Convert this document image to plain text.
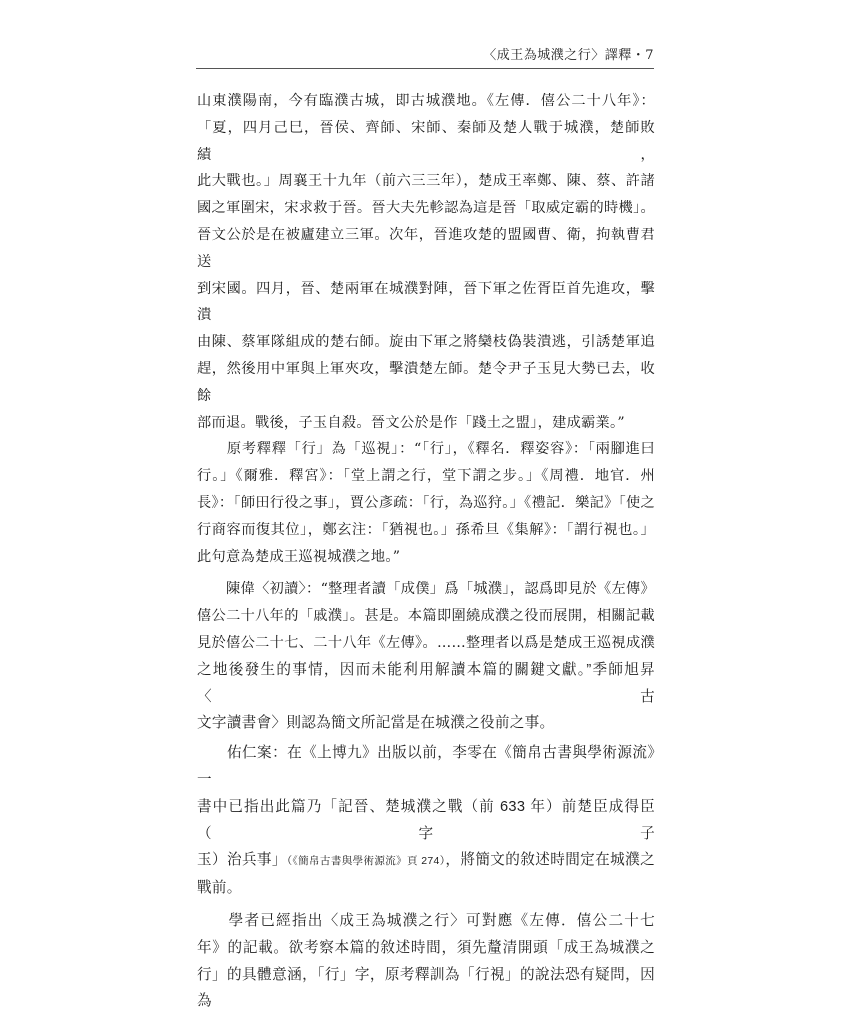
〈成王為城濮之行〉譯釋・7
山東濮陽南，今有臨濮古城，即古城濮地。《左傳．僖公二十八年》：
「夏，四月己巳，晉侯、齊師、宋師、秦師及楚人戰于城濮，楚師敗績，
此大戰也。」周襄王十九年（前六三三年），楚成王率鄭、陳、蔡、許諸
國之軍圍宋，宋求救于晉。晉大夫先軫認為這是晉「取威定霸的時機」。
晉文公於是在被廬建立三軍。次年，晉進攻楚的盟國曹、衛，拘執曹君送
到宋國。四月，晉、楚兩軍在城濮對陣，晉下軍之佐胥臣首先進攻，擊潰
由陳、蔡軍隊組成的楚右師。旋由下軍之將欒枝偽裝潰逃，引誘楚軍追
趕，然後用中軍與上軍夾攻，擊潰楚左師。楚令尹子玉見大勢已去，收餘
部而退。戰後，子玉自殺。晉文公於是作「踐土之盟」，建成霸業。”
　　原考釋釋「行」為「巡視」：“「行」，《釋名．釋姿容》：「兩腳進曰
行。」《爾雅．釋宮》：「堂上謂之行，堂下謂之步。」《周禮．地官．州
長》：「師田行役之事」，賈公彥疏：「行，為巡狩。」《禮記．樂記》「使之
行商容而復其位」，鄭玄注：「猶視也。」孫希旦《集解》：「謂行視也。」
此句意為楚成王巡視城濮之地。”
　　陳偉〈初讀〉：“整理者讀「成僕」爲「城濮」，認爲即見於《左傳》
僖公二十八年的「戚濮」。甚是。本篇即圍繞成濮之役而展開，相關記載
見於僖公二十七、二十八年《左傳》。……整理者以爲是楚成王巡視成濮
之地後發生的事情，因而未能利用解讀本篇的關鍵文獻。”季師旭昇〈古
文字讀書會〉則認為簡文所記當是在城濮之役前之事。
　　佑仁案：在《上博九》出版以前，李零在《簡帛古書與學術源流》一
書中已指出此篇乃「記晉、楚城濮之戰（前 633 年）前楚臣成得臣（字子
玉）治兵事」（《簡帛古書與學術源流》頁 274），將簡文的敘述時間定在城濮之
戰前。
　　學者已經指出〈成王為城濮之行〉可對應《左傳．僖公二十七
年》的記載。欲考察本篇的敘述時間，須先釐清開頭「成王為城濮之
行」的具體意涵，「行」字，原考釋訓為「行視」的說法恐有疑問，因為
